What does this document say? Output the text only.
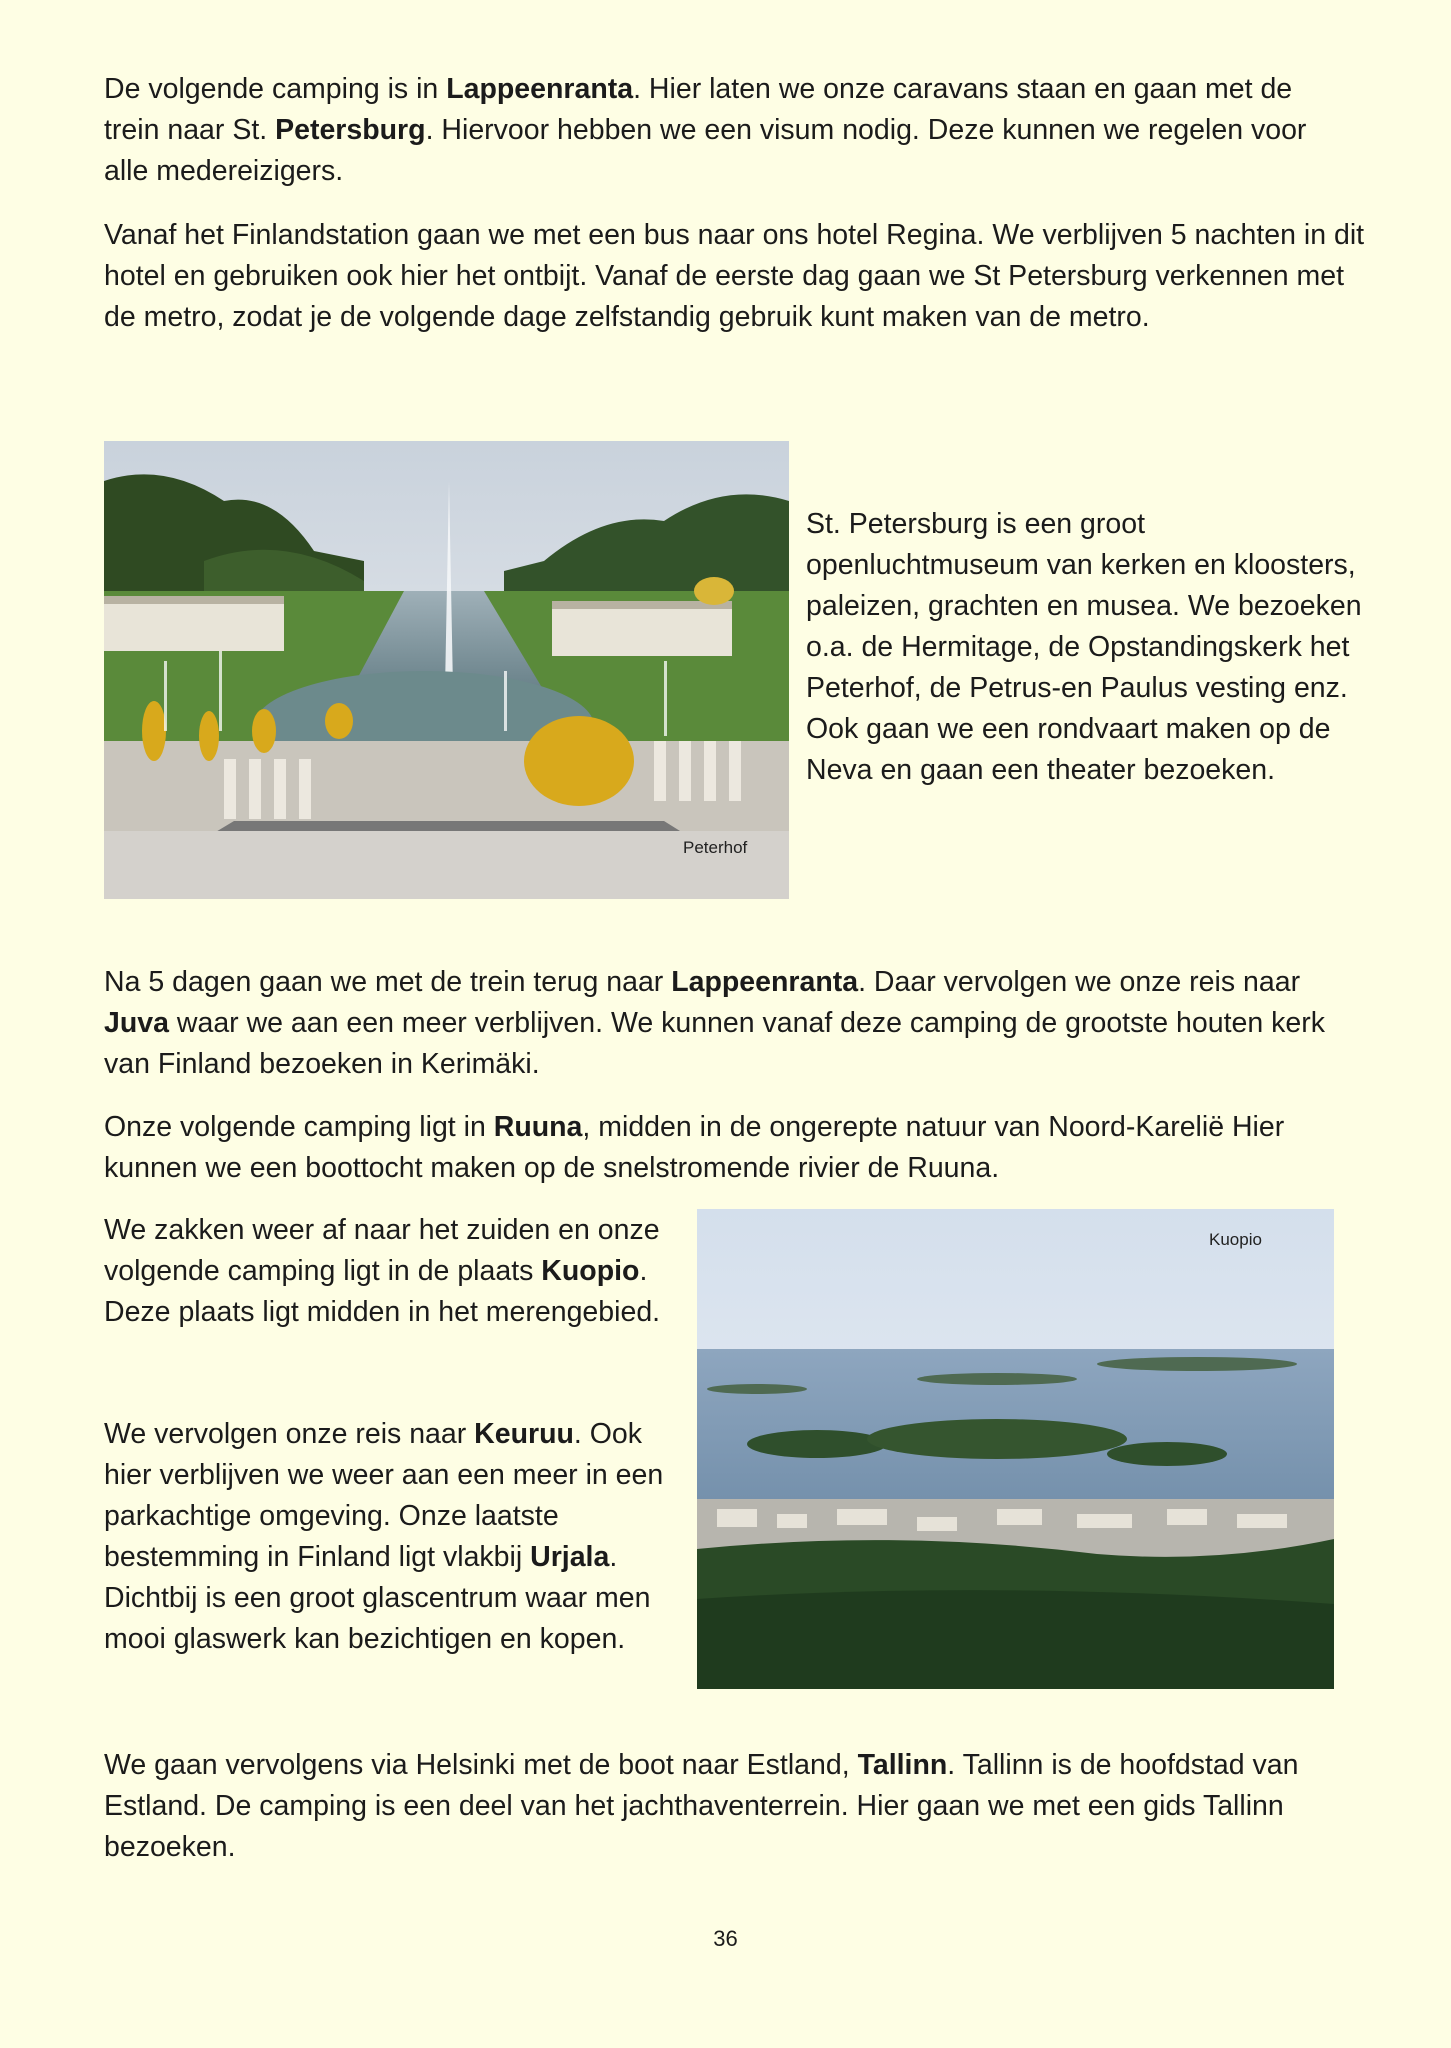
De volgende camping is in Lappeenranta. Hier laten we onze caravans staan en gaan met de trein naar St. Petersburg. Hiervoor hebben we een visum nodig. Deze kunnen we regelen voor alle medereizigers.

Vanaf het Finlandstation gaan we met een bus naar ons hotel Regina. We verblijven 5 nachten in dit hotel en gebruiken ook hier het ontbijt. Vanaf de eerste dag gaan we St Petersburg verkennen met de metro, zodat je de volgende dage zelfstandig gebruik kunt maken van de metro.

Peterhof

St. Petersburg is een groot openluchtmuseum van kerken en kloosters, paleizen, grachten en musea. We bezoeken o.a. de Hermitage, de Opstandingskerk het Peterhof, de Petrus-en Paulus vesting enz. Ook gaan we een rondvaart maken op de Neva en gaan een theater bezoeken.

Na 5 dagen gaan we met de trein terug naar Lappeenranta. Daar vervolgen we onze reis naar Juva waar we aan een meer verblijven. We kunnen vanaf deze camping de grootste houten kerk van Finland bezoeken in Kerimäki.

Onze volgende camping ligt in Ruuna, midden in de ongerepte natuur van Noord-Karelië Hier kunnen we een boottocht maken op de snelstromende rivier de Ruuna.

We zakken weer af naar het zuiden en onze volgende camping ligt in de plaats Kuopio. Deze plaats ligt midden in het merengebied.

Kuopio

We vervolgen onze reis naar Keuruu. Ook hier verblijven we weer aan een meer in een parkachtige omgeving. Onze laatste bestemming in Finland ligt vlakbij Urjala. Dichtbij is een groot glascentrum waar men mooi glaswerk kan bezichtigen en kopen.

We gaan vervolgens via Helsinki met de boot naar Estland, Tallinn. Tallinn is de hoofdstad van Estland. De camping is een deel van het jachthaventerrein. Hier gaan we met een gids Tallinn bezoeken.

36
